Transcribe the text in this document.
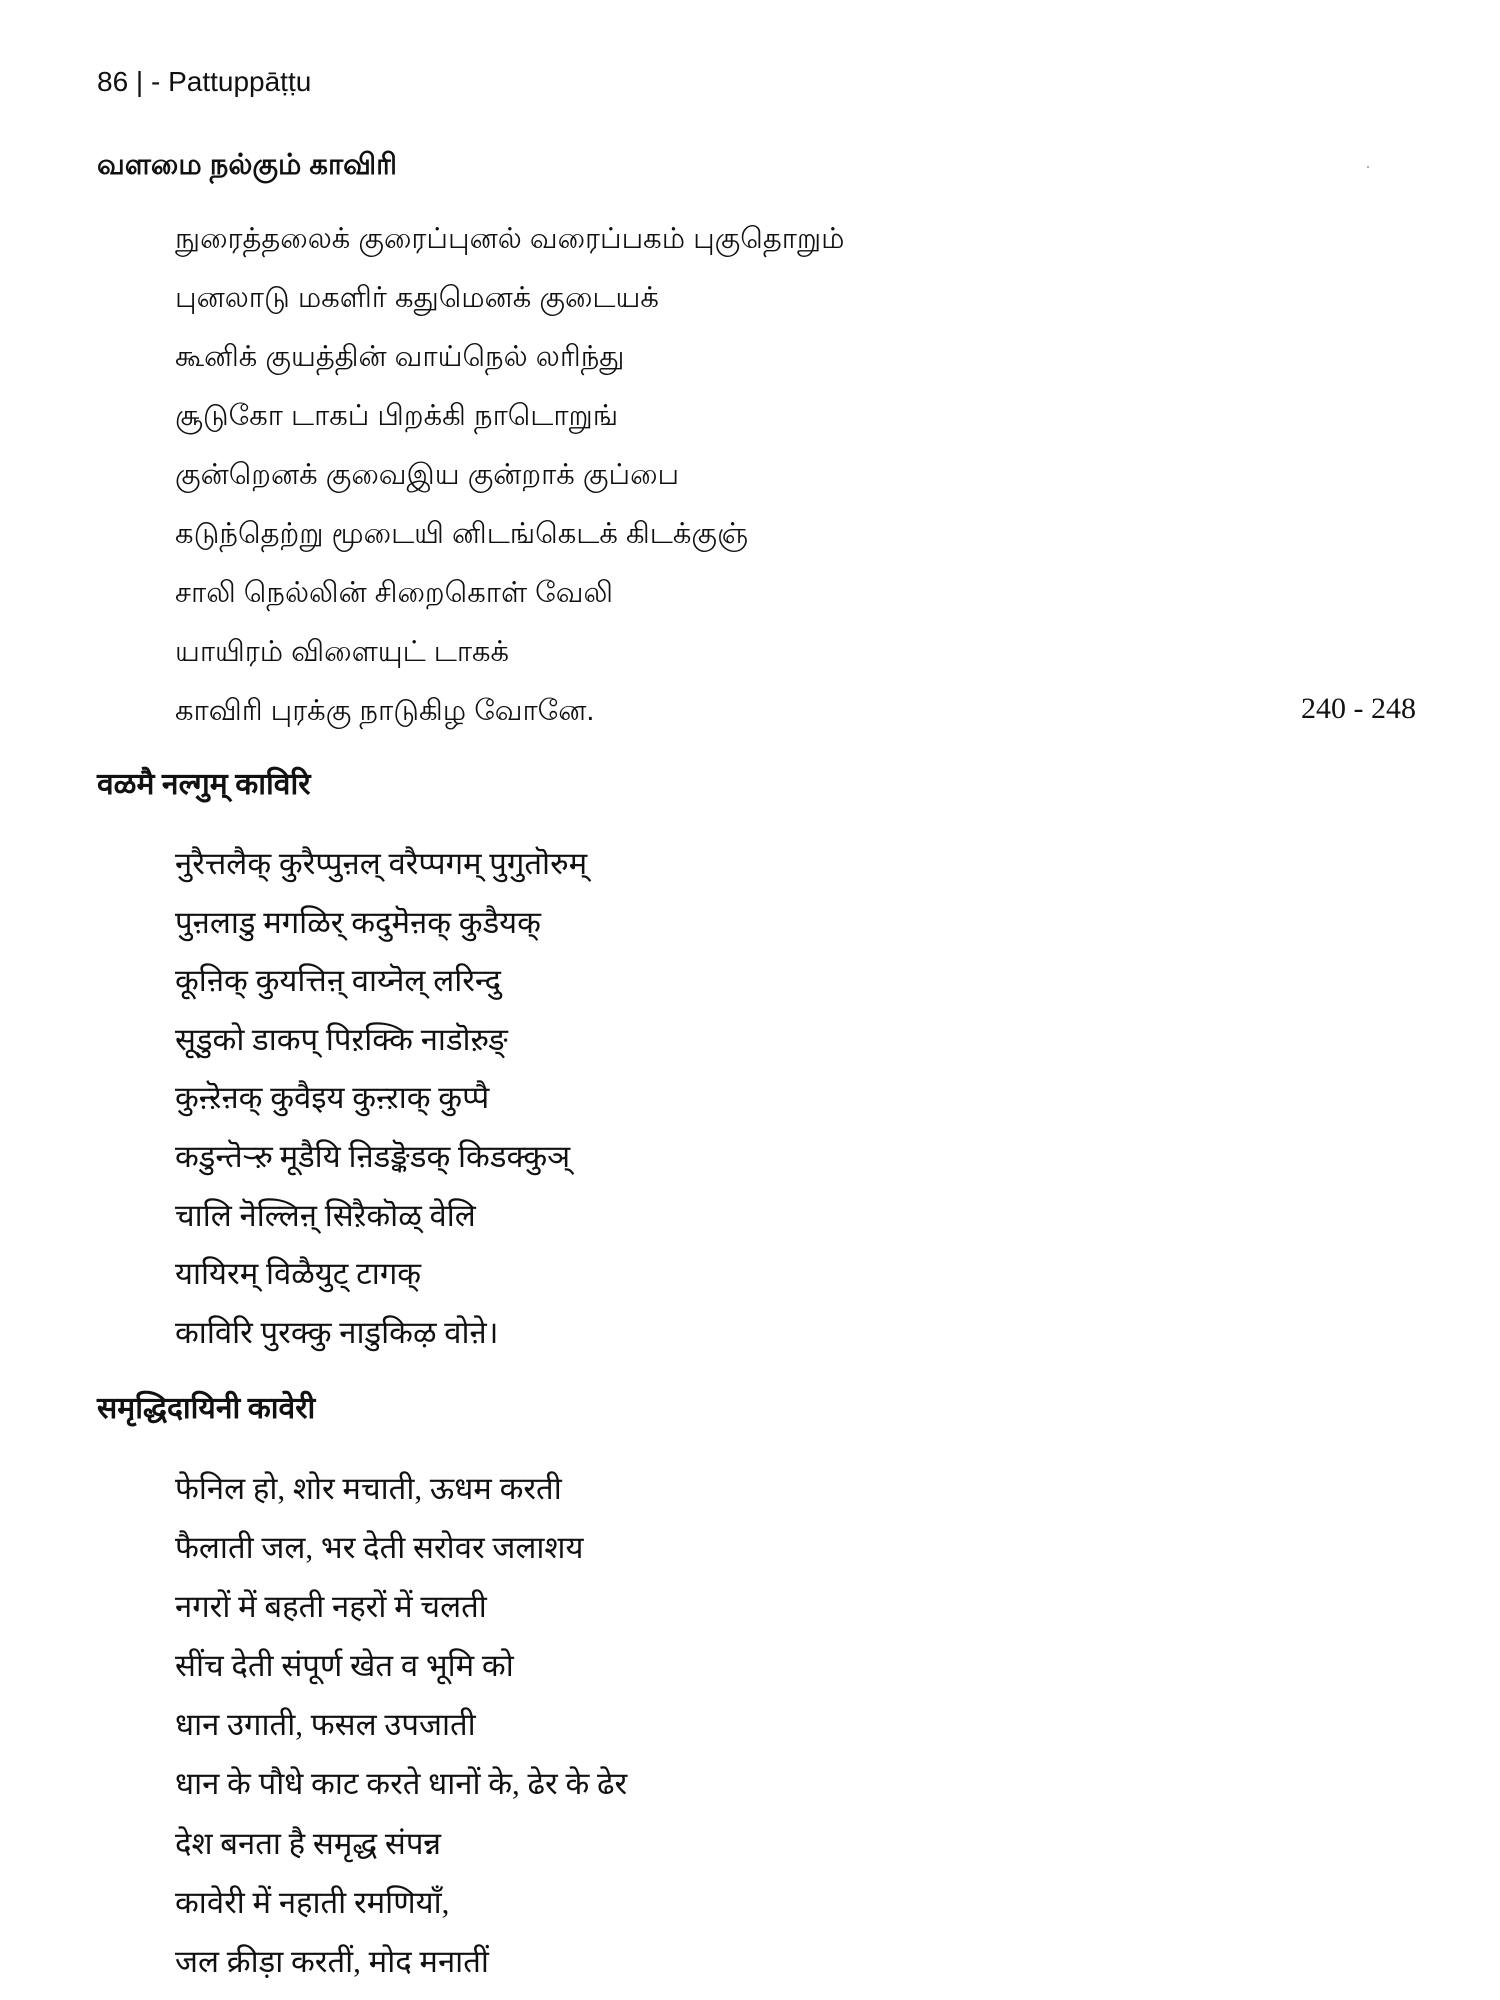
86 | - Pattuppāṭṭu
வளமை நல்கும் காவிரி
நுரைத்தலைக் குரைப்புனல் வரைப்பகம் புகுதொறும்
புனலாடு மகளிர் கதுமெனக் குடையக்
கூனிக் குயத்தின் வாய்நெல் லரிந்து
சூடுகோ டாகப் பிறக்கி நாடொறுங்
குன்றெனக் குவைஇய குன்றாக் குப்பை
கடுந்தெற்று மூடையி னிடங்கெடக் கிடக்குஞ்
சாலி நெல்லின் சிறைகொள் வேலி
யாயிரம் விளையுட் டாகக்
காவிரி புரக்கு நாடுகிழ வோனே.	240 - 248
वळमै नल्गुम् काविरि
नुरैत्तलैक् कुरैप्पुऩल् वरैप्पगम् पुगुतॊरुम्
पुऩलाडु मगळिर् कदुमॆऩक् कुडैयक्
कूऩिक् कुयत्तिऩ् वाय्नॆल् लरिन्दु
सूडुको डाकप् पिऱक्कि नाडॊऱुङ्
कुऩ्ऱॆऩक् कुवैइय कुऩ्ऱाक् कुप्पै
कडुन्तॆऱ्ऱु मूडैयि ऩिडङ्कॆडक् किडक्कुञ्
चालि नॆल्लिऩ् सिऱैकॊळ् वेलि
यायिरम् विळैयुट् टागक्
काविरि पुरक्कु नाडुकिऴ वोऩे।
समृद्धिदायिनी कावेरी
फेनिल हो, शोर मचाती, ऊधम करती
फैलाती जल, भर देती सरोवर जलाशय
नगरों में बहती नहरों में चलती
सींच देती संपूर्ण खेत व भूमि को
धान उगाती, फसल उपजाती
धान के पौधे काट करते धानों के, ढेर के ढेर
देश बनता है समृद्ध संपन्न
कावेरी में नहाती रमणियाँ,
जल क्रीड़ा करतीं, मोद मनातीं
